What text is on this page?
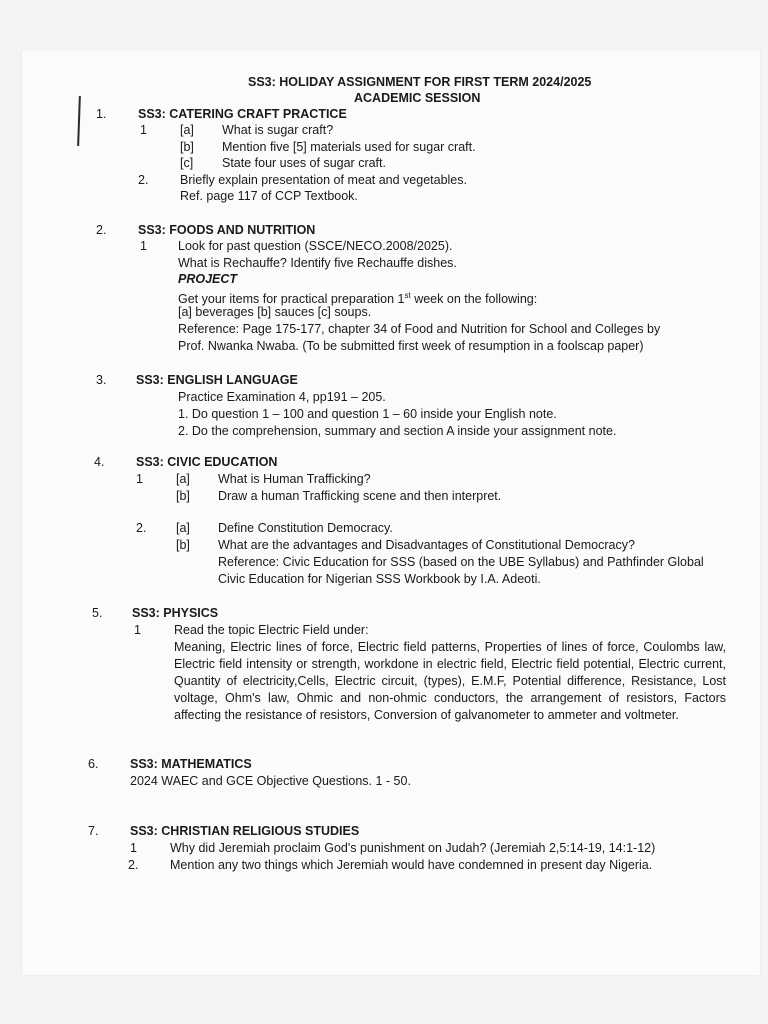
SS3: HOLIDAY ASSIGNMENT FOR FIRST TERM 2024/2025
ACADEMIC SESSION
1.	SS3: CATERING CRAFT PRACTICE
1	[a] What is sugar craft?
[b] Mention five [5] materials used for sugar craft.
[c] State four uses of sugar craft.
2.	Briefly explain presentation of meat and vegetables.
Ref. page 117 of CCP Textbook.
2.	SS3: FOODS AND NUTRITION
1 Look for past question (SSCE/NECO.2008/2025).
What is Rechauffe? Identify five Rechauffe dishes.
PROJECT
Get your items for practical preparation 1st week on the following:
[a] beverages [b] sauces [c] soups.
Reference: Page 175-177, chapter 34 of Food and Nutrition for School and Colleges by
Prof. Nwanka Nwaba. (To be submitted first week of resumption in a foolscap paper)
3. SS3: ENGLISH LANGUAGE
Practice Examination 4, pp191 – 205.
1. Do question 1 – 100 and question 1 – 60 inside your English note.
2. Do the comprehension, summary and section A inside your assignment note.
4.	SS3: CIVIC EDUCATION
1	[a] What is Human Trafficking?
[b] Draw a human Trafficking scene and then interpret.
2. [a] Define Constitution Democracy.
[b] What are the advantages and Disadvantages of Constitutional Democracy?
Reference: Civic Education for SSS (based on the UBE Syllabus) and Pathfinder Global
Civic Education for Nigerian SSS Workbook by I.A. Adeoti.
5. SS3: PHYSICS
1	Read the topic Electric Field under:
Meaning, Electric lines of force, Electric field patterns, Properties of lines of force, Coulombs law, Electric field intensity or strength, workdone in electric field, Electric field potential, Electric current, Quantity of electricity,Cells, Electric circuit, (types), E.M.F, Potential difference, Resistance, Lost voltage, Ohm's law, Ohmic and non-ohmic conductors, the arrangement of resistors, Factors affecting the resistance of resistors, Conversion of galvanometer to ammeter and voltmeter.
6.	SS3: MATHEMATICS
2024 WAEC and GCE Objective Questions. 1 - 50.
7.	SS3: CHRISTIAN RELIGIOUS STUDIES
1	Why did Jeremiah proclaim God's punishment on Judah? (Jeremiah 2,5:14-19, 14:1-12)
2.	Mention any two things which Jeremiah would have condemned in present day Nigeria.
